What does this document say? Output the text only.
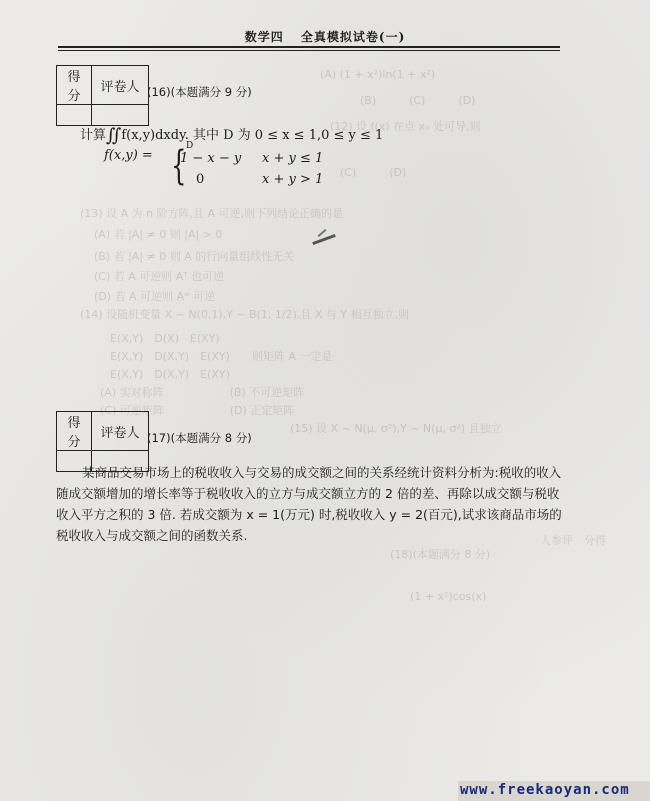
数学四 全真模拟试卷(一)
(A) (1 + x²)ln(1 + x²)
(B)　　　(C)　　　(D)
(12) 设 f(x) 在点 x₀ 处可导,则
(C)　　　(D)
(13) 设 A 为 n 阶方阵,且 A 可逆,则下列结论正确的是
(A) 若 |A| ≠ 0 则 |A| > 0
(B) 若 |A| ≠ 0 则 A 的行向量组线性无关
(C) 若 A 可逆则 Aᵀ 也可逆
(D) 若 A 可逆则 A* 可逆
(14) 设随机变量 X ~ N(0,1),Y ~ B(1, 1/2),且 X 与 Y 相互独立,则
E(X,Y)　D(X)　E(XY)
E(X,Y)　D(X,Y)　E(XY)　　则矩阵 A 一定是
E(X,Y)　D(X,Y)　E(XY)
(A) 实对称阵　　　　　　(B) 不可逆矩阵
(C) 可逆矩阵　　　　　　(D) 正定矩阵
(15) 设 X ~ N(μ, σ²),Y ~ N(μ, σ²) 且独立
(18)(本题满分 8 分)
人参评　分得
(1 + x²)cos(x)
得分	评卷人
	(16)(本题满分 9 分)
计算∬f(x,y)dxdy. 其中 D 为 0 ≤ x ≤ 1,0 ≤ y ≤ 1
D
f(x,y) = {
1 − x − y x + y ≤ 1
0	x + y > 1
得分	评卷人
	(17)(本题满分 8 分)
某商品交易市场上的税收收入与交易的成交额之间的关系经统计资料分析为:税收的收入随成交额增加的增长率等于税收收入的立方与成交额立方的 2 倍的差、再除以成交额与税收收入平方之积的 3 倍. 若成交额为 x = 1(万元) 时,税收收入 y = 2(百元),试求该商品市场的税收收入与成交额之间的函数关系.
www.freekaoyan.com
